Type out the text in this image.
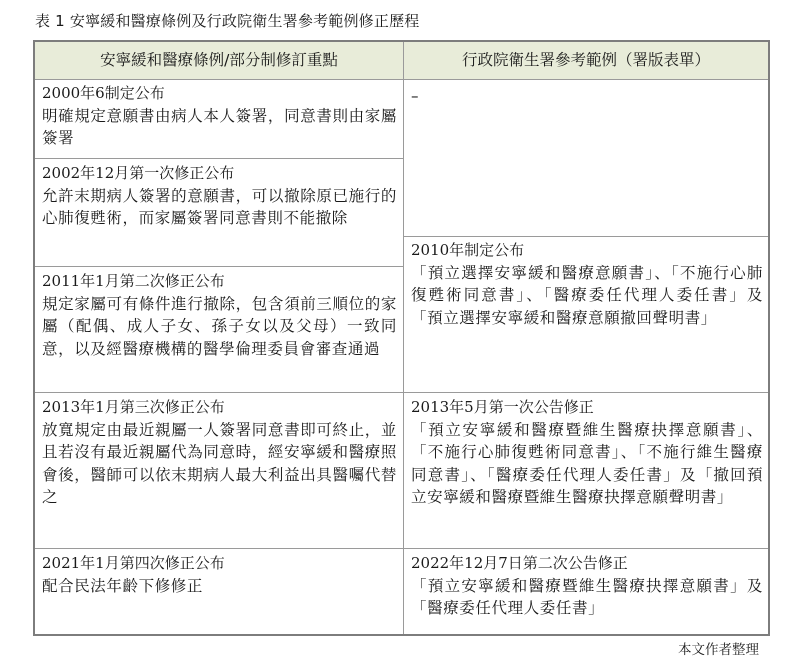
表 1 安寧緩和醫療條例及行政院衛生署參考範例修正歷程
安寧緩和醫療條例/部分制修訂重點	行政院衛生署參考範例（署版表單）
2000年6制定公布
明確規定意願書由病人本人簽署，同意書則由家屬簽署
2002年12月第一次修正公布
允許末期病人簽署的意願書，可以撤除原已施行的心肺復甦術，而家屬簽署同意書則不能撤除
2011年1月第二次修正公布
規定家屬可有條件進行撤除，包含須前三順位的家屬（配偶、成人子女、孫子女以及父母）一致同意，以及經醫療機構的醫學倫理委員會審查通過
2013年1月第三次修正公布
放寬規定由最近親屬一人簽署同意書即可終止，並且若沒有最近親屬代為同意時，經安寧緩和醫療照會後，醫師可以依末期病人最大利益出具醫囑代替之
2021年1月第四次修正公布
配合民法年齡下修修正
–
2010年制定公布
「預立選擇安寧緩和醫療意願書」、「不施行心肺復甦術同意書」、「醫療委任代理人委任書」及「預立選擇安寧緩和醫療意願撤回聲明書」
2013年5月第一次公告修正
「預立安寧緩和醫療暨維生醫療抉擇意願書」、「不施行心肺復甦術同意書」、「不施行維生醫療同意書」、「醫療委任代理人委任書」及「撤回預立安寧緩和醫療暨維生醫療抉擇意願聲明書」
2022年12月7日第二次公告修正
「預立安寧緩和醫療暨維生醫療抉擇意願書」及「醫療委任代理人委任書」
本文作者整理
